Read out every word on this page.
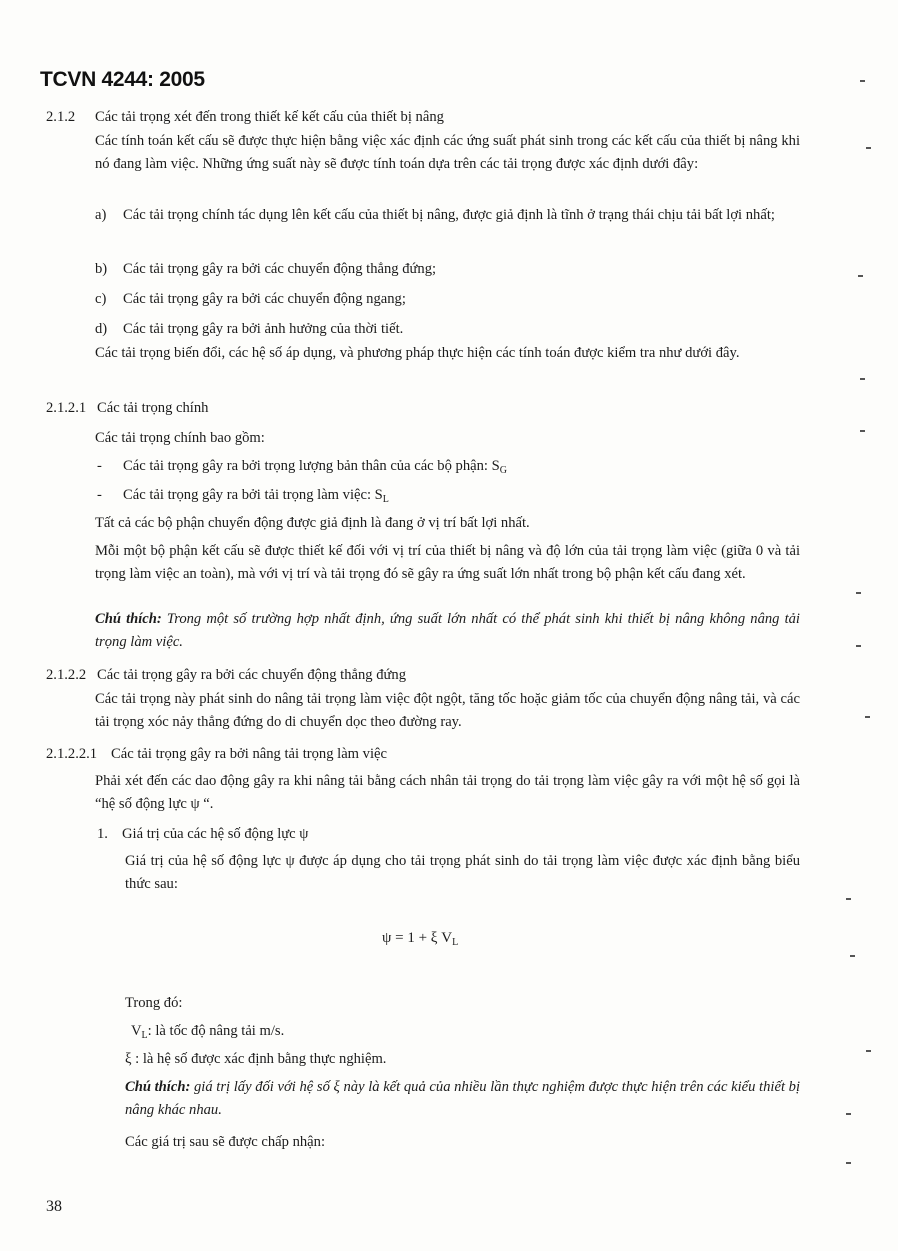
TCVN 4244: 2005
2.1.2 Các tải trọng xét đến trong thiết kế kết cấu của thiết bị nâng
Các tính toán kết cấu sẽ được thực hiện bằng việc xác định các ứng suất phát sinh trong các kết cấu của thiết bị nâng khi nó đang làm việc. Những ứng suất này sẽ được tính toán dựa trên các tải trọng được xác định dưới đây:
a) Các tải trọng chính tác dụng lên kết cấu của thiết bị nâng, được giả định là tĩnh ở trạng thái chịu tải bất lợi nhất;
b) Các tải trọng gây ra bởi các chuyển động thẳng đứng;
c) Các tải trọng gây ra bởi các chuyển động ngang;
d) Các tải trọng gây ra bởi ảnh hưởng của thời tiết.
Các tải trọng biến đổi, các hệ số áp dụng, và phương pháp thực hiện các tính toán được kiểm tra như dưới đây.
2.1.2.1 Các tải trọng chính
Các tải trọng chính bao gồm:
- Các tải trọng gây ra bởi trọng lượng bản thân của các bộ phận: $S_G$
- Các tải trọng gây ra bởi tải trọng làm việc: $S_L$
Tất cả các bộ phận chuyển động được giả định là đang ở vị trí bất lợi nhất.
Mỗi một bộ phận kết cấu sẽ được thiết kế đối với vị trí của thiết bị nâng và độ lớn của tải trọng làm việc (giữa 0 và tải trọng làm việc an toàn), mà với vị trí và tải trọng đó sẽ gây ra ứng suất lớn nhất trong bộ phận kết cấu đang xét.
Chú thích: Trong một số trường hợp nhất định, ứng suất lớn nhất có thể phát sinh khi thiết bị nâng không nâng tải trọng làm việc.
2.1.2.2 Các tải trọng gây ra bởi các chuyển động thẳng đứng
Các tải trọng này phát sinh do nâng tải trọng làm việc đột ngột, tăng tốc hoặc giảm tốc của chuyển động nâng tải, và các tải trọng xóc nảy thẳng đứng do di chuyển dọc theo đường ray.
2.1.2.2.1 Các tải trọng gây ra bởi nâng tải trọng làm việc
Phải xét đến các dao động gây ra khi nâng tải bằng cách nhân tải trọng do tải trọng làm việc gây ra với một hệ số gọi là “hệ số động lực ψ “.
1. Giá trị của các hệ số động lực ψ
Giá trị của hệ số động lực ψ được áp dụng cho tải trọng phát sinh do tải trọng làm việc được xác định bằng biểu thức sau:
ψ = 1 + ξ $V_L$
Trong đó:
$V_L$: là tốc độ nâng tải m/s.
ξ : là hệ số được xác định bằng thực nghiệm.
Chú thích: giá trị lấy đối với hệ số ξ này là kết quả của nhiều lần thực nghiệm được thực hiện trên các kiểu thiết bị nâng khác nhau.
Các giá trị sau sẽ được chấp nhận:
38
